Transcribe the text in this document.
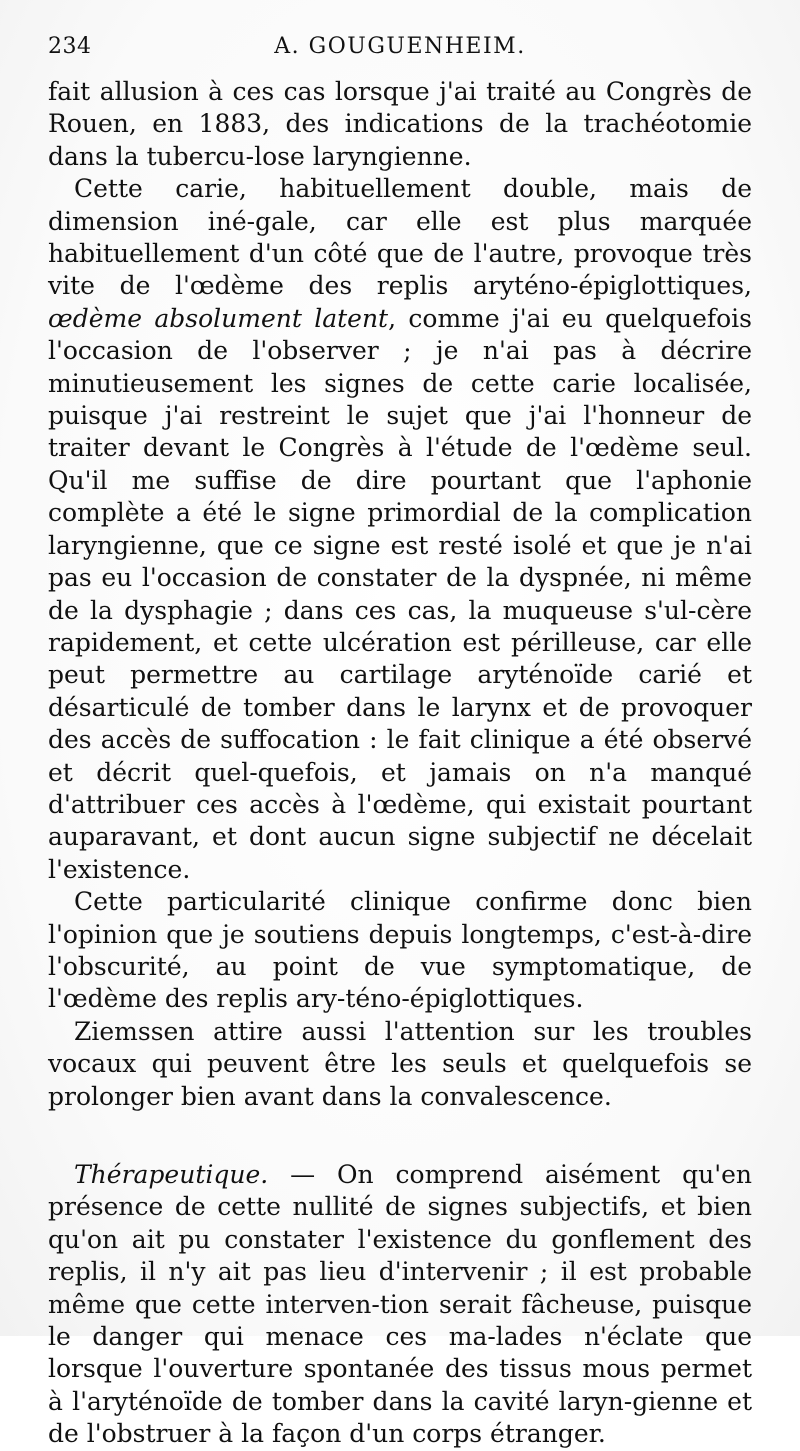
234	A. GOUGUENHEIM.

fait allusion à ces cas lorsque j'ai traité au Congrès de Rouen, en 1883, des indications de la trachéotomie dans la tubercu-lose laryngienne.

Cette carie, habituellement double, mais de dimension iné-gale, car elle est plus marquée habituellement d'un côté que de l'autre, provoque très vite de l'œdème des replis aryténo-épiglottiques, œdème absolument latent, comme j'ai eu quelquefois l'occasion de l'observer ; je n'ai pas à décrire minutieusement les signes de cette carie localisée, puisque j'ai restreint le sujet que j'ai l'honneur de traiter devant le Congrès à l'étude de l'œdème seul. Qu'il me suffise de dire pourtant que l'aphonie complète a été le signe primordial de la complication laryngienne, que ce signe est resté isolé et que je n'ai pas eu l'occasion de constater de la dyspnée, ni même de la dysphagie ; dans ces cas, la muqueuse s'ul-cère rapidement, et cette ulcération est périlleuse, car elle peut permettre au cartilage aryténoïde carié et désarticulé de tomber dans le larynx et de provoquer des accès de suffocation : le fait clinique a été observé et décrit quel-quefois, et jamais on n'a manqué d'attribuer ces accès à l'œdème, qui existait pourtant auparavant, et dont aucun signe subjectif ne décelait l'existence.

Cette particularité clinique confirme donc bien l'opinion que je soutiens depuis longtemps, c'est-à-dire l'obscurité, au point de vue symptomatique, de l'œdème des replis ary-téno-épiglottiques.

Ziemssen attire aussi l'attention sur les troubles vocaux qui peuvent être les seuls et quelquefois se prolonger bien avant dans la convalescence.

Thérapeutique. — On comprend aisément qu'en présence de cette nullité de signes subjectifs, et bien qu'on ait pu constater l'existence du gonflement des replis, il n'y ait pas lieu d'intervenir ; il est probable même que cette interven-tion serait fâcheuse, puisque le danger qui menace ces ma-lades n'éclate que lorsque l'ouverture spontanée des tissus mous permet à l'aryténoïde de tomber dans la cavité laryn-gienne et de l'obstruer à la façon d'un corps étranger.
